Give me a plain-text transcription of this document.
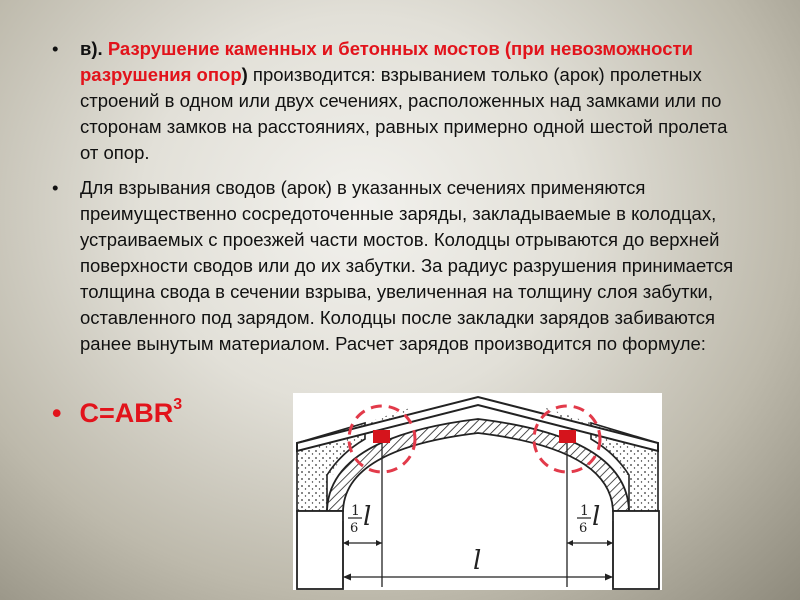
• в). Разрушение каменных и бетонных мостов (при невозможности разрушения опор) производится: взрыванием только (арок) пролетных строений в одном или двух сечениях, расположенных над замками или по сторонам замков на расстояниях, равных примерно одной шестой пролета от опор.
• Для взрывания сводов (арок) в указанных сечениях применяются преимущественно сосредоточенные заряды, закладываемые в колодцах, устраиваемых с проезжей части мостов. Колодцы отрываются до верхней поверхности сводов или до их забутки. За радиус разрушения принимается толщина свода в сечении взрыва, увеличенная на толщину слоя забутки, оставленного под зарядом. Колодцы после закладки зарядов забиваются ранее вынутым материалом. Расчет зарядов производится по формуле:
• $C=ABR^3$
1
6 l	1
6 l
l
